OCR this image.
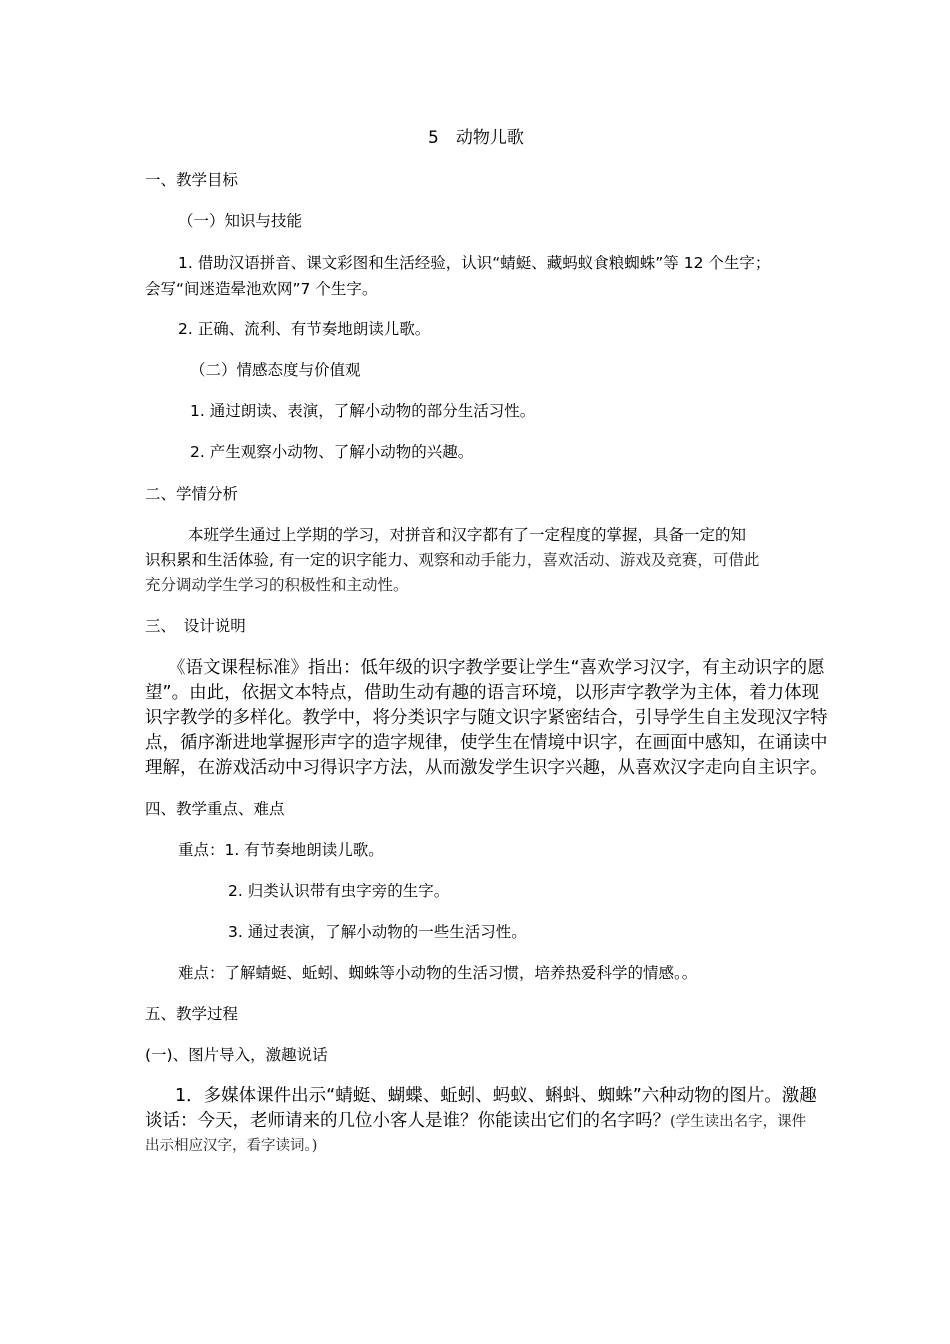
5　动物儿歌
一、教学目标
（一）知识与技能
1. 借助汉语拼音、课文彩图和生活经验，认识“蜻蜓、藏蚂蚁食粮蜘蛛”等 12 个生字；
会写“间迷造晕池欢网”7 个生字。
2. 正确、流利、有节奏地朗读儿歌。
（二）情感态度与价值观
1. 通过朗读、表演，了解小动物的部分生活习性。
2. 产生观察小动物、了解小动物的兴趣。
二、学情分析
本班学生通过上学期的学习，对拼音和汉字都有了一定程度的掌握，具备一定的知
识积累和生活体验, 有一定的识字能力、观察和动手能力，喜欢活动、游戏及竞赛，可借此
充分调动学生学习的积极性和主动性。
三、　设计说明
《语文课程标准》指出：低年级的识字教学要让学生“喜欢学习汉字，有主动识字的愿
望”。由此，依据文本特点，借助生动有趣的语言环境，以形声字教学为主体，着力体现
识字教学的多样化。教学中，将分类识字与随文识字紧密结合，引导学生自主发现汉字特
点，循序渐进地掌握形声字的造字规律，使学生在情境中识字，在画面中感知，在诵读中
理解，在游戏活动中习得识字方法，从而激发学生识字兴趣，从喜欢汉字走向自主识字。
四、教学重点、难点
重点：1. 有节奏地朗读儿歌。
2. 归类认识带有虫字旁的生字。
3. 通过表演，了解小动物的一些生活习性。
难点：了解蜻蜓、蚯蚓、蜘蛛等小动物的生活习惯，培养热爱科学的情感。。
五、教学过程
(一)、图片导入，激趣说话
1．多媒体课件出示“蜻蜓、蝴蝶、蚯蚓、蚂蚁、蝌蚪、蜘蛛”六种动物的图片。激趣
谈话：今天，老师请来的几位小客人是谁？你能读出它们的名字吗？(学生读出名字，课件
出示相应汉字，看字读词。)
